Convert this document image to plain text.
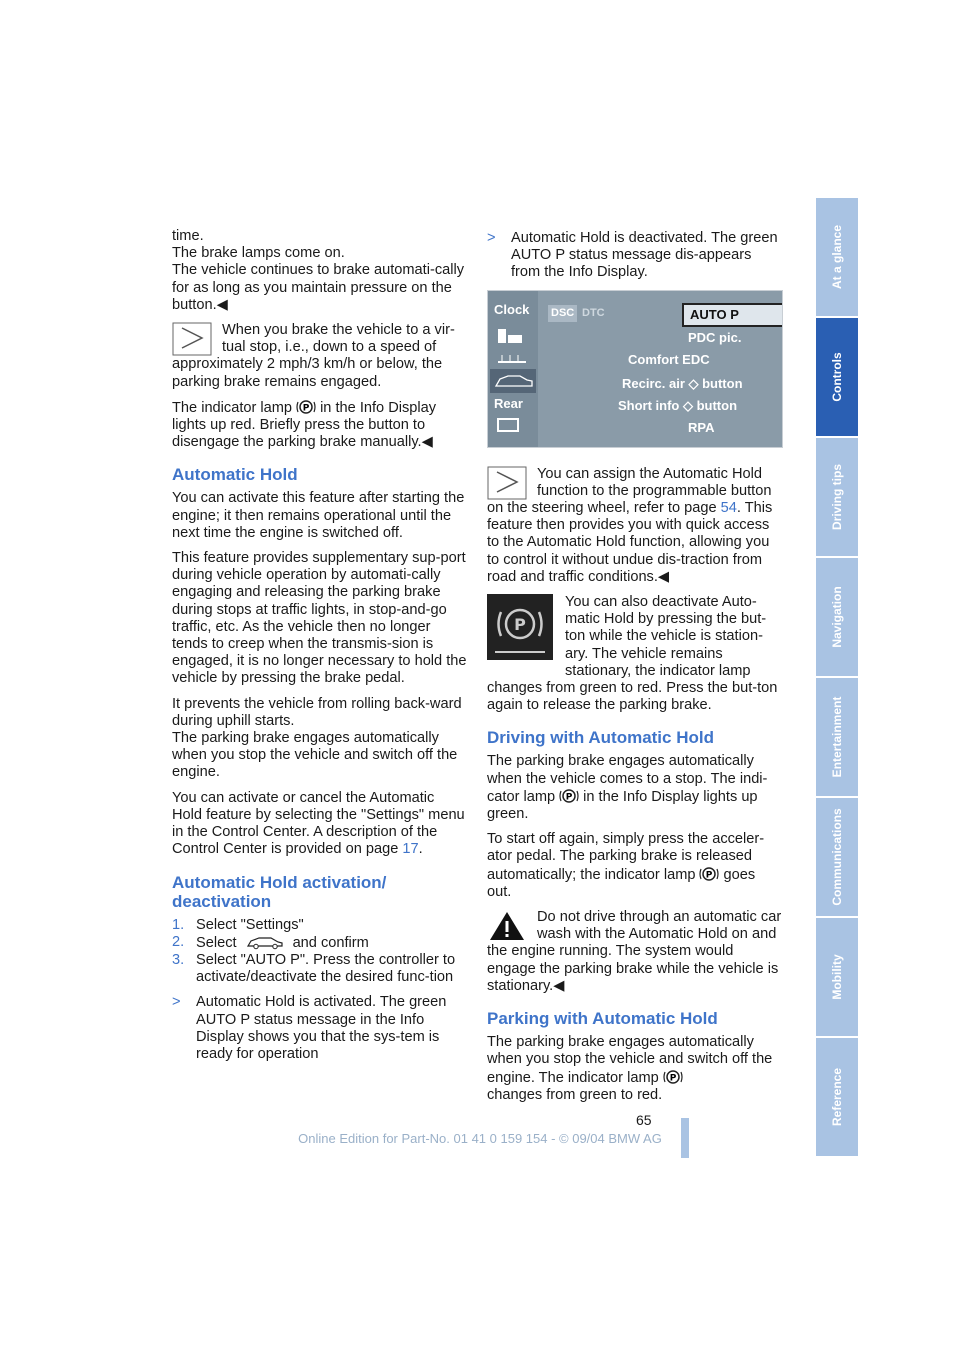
time.
The brake lamps come on.
The vehicle continues to brake automati-cally for as long as you maintain pressure on the button.◀

When you brake the vehicle to a vir-tual stop, i.e., down to a speed of approximately 2 mph/3 km/h or below, the parking brake remains engaged.

The indicator lamp P in the Info Display lights up red. Briefly press the button to disengage the parking brake manually.◀

Automatic Hold

You can activate this feature after starting the engine; it then remains operational until the next time the engine is switched off.

This feature provides supplementary sup-port during vehicle operation by automati-cally engaging and releasing the parking brake during stops at traffic lights, in stop-and-go traffic, etc. As the vehicle then no longer tends to creep when the transmis-sion is engaged, it is no longer necessary to hold the vehicle by pressing the brake pedal.

It prevents the vehicle from rolling back-ward during uphill starts.
The parking brake engages automatically when you stop the vehicle and switch off the engine.

You can activate or cancel the Automatic Hold feature by selecting the "Settings" menu in the Control Center. A description of the Control Center is provided on page 17.

Automatic Hold activation/ deactivation
1. Select "Settings"
2. Select	and confirm
3. Select "AUTO P". Press the controller to activate/deactivate the desired func-tion
> Automatic Hold is activated. The green AUTO P status message in the Info Display shows you that the sys-tem is ready for operation
> Automatic Hold is deactivated. The green AUTO P status message dis-appears from the Info Display.
Clock
Rear
DSC DTC	AUTO P
PDC pic.
Comfort EDC
Recirc. air ◇ button
Short info ◇ button
RPA

You can assign the Automatic Hold function to the programmable button on the steering wheel, refer to page 54. This feature then provides you with quick access to the Automatic Hold function, allowing you to control it without undue dis-traction from road and traffic conditions.◀

P

You can also deactivate Auto-matic Hold by pressing the but-ton while the vehicle is station-ary. The vehicle remains stationary, the indicator lamp changes from green to red. Press the but-ton again to release the parking brake.

Driving with Automatic Hold

The parking brake engages automatically when the vehicle comes to a stop. The indi-cator lamp P in the Info Display lights up green.

To start off again, simply press the acceler-ator pedal. The parking brake is released automatically; the indicator lamp P goes out.

Do not drive through an automatic car wash with the Automatic Hold on and the engine running. The system would engage the parking brake while the vehicle is stationary.◀

Parking with Automatic Hold

The parking brake engages automatically when you stop the vehicle and switch off the engine. The indicator lamp P

changes from green to red.

At a glance
Controls
Driving tips
Navigation
Entertainment
Communications
Mobility
Reference
65
Online Edition for Part-No. 01 41 0 159 154 - © 09/04 BMW AG
